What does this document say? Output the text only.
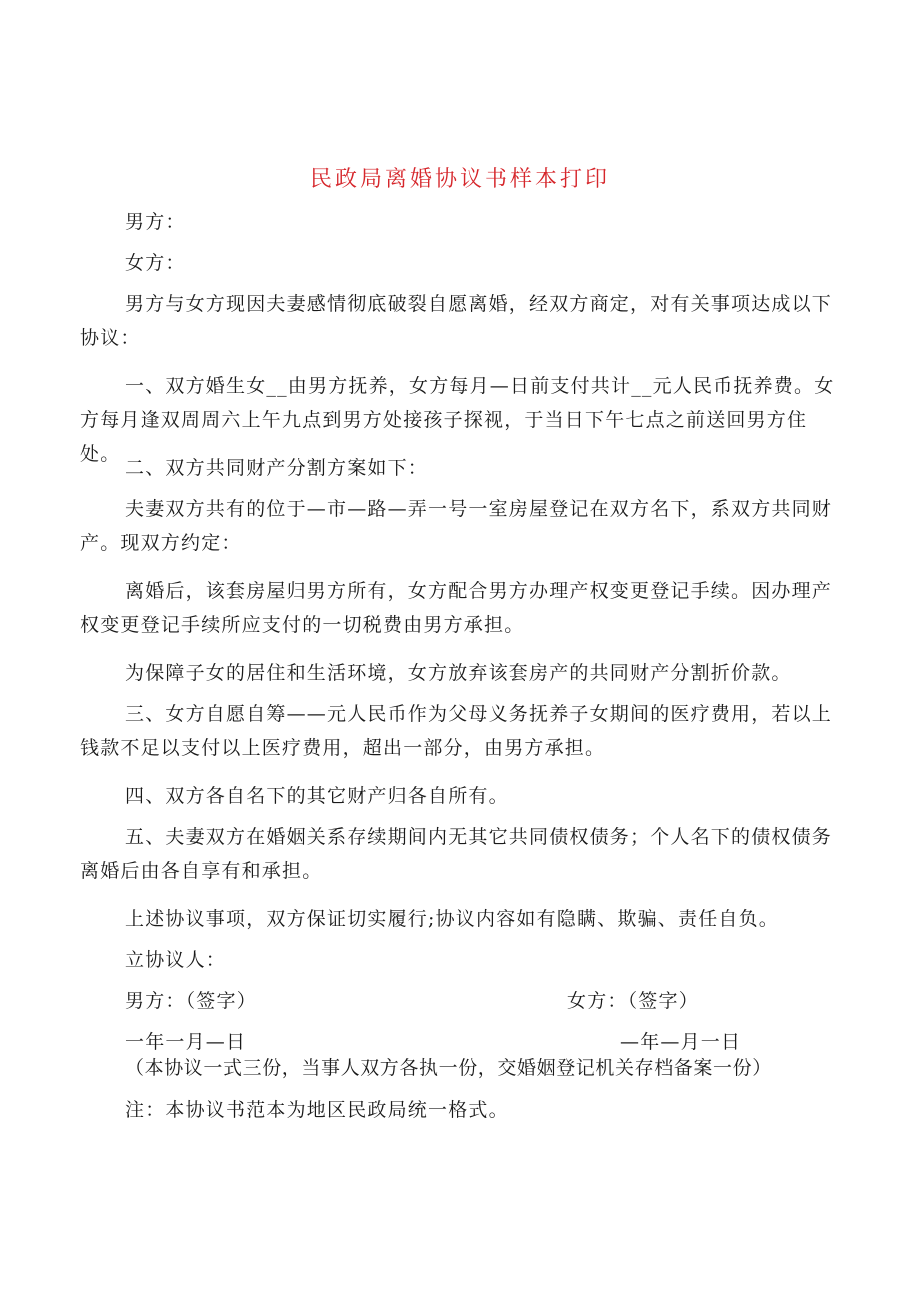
民政局离婚协议书样本打印

男方：

女方：

男方与女方现因夫妻感情彻底破裂自愿离婚，经双方商定，对有关事项达成以下协议：

一、双方婚生女__由男方抚养，女方每月—日前支付共计__元人民币抚养费。女方每月逢双周周六上午九点到男方处接孩子探视，于当日下午七点之前送回男方住处。

二、双方共同财产分割方案如下：

夫妻双方共有的位于—市—路—弄一号一室房屋登记在双方名下，系双方共同财产。现双方约定：

离婚后，该套房屋归男方所有，女方配合男方办理产权变更登记手续。因办理产权变更登记手续所应支付的一切税费由男方承担。

为保障子女的居住和生活环境，女方放弃该套房产的共同财产分割折价款。

三、女方自愿自筹——元人民币作为父母义务抚养子女期间的医疗费用，若以上钱款不足以支付以上医疗费用，超出一部分，由男方承担。

四、双方各自名下的其它财产归各自所有。

五、夫妻双方在婚姻关系存续期间内无其它共同债权债务；个人名下的债权债务离婚后由各自享有和承担。

上述协议事项，双方保证切实履行;协议内容如有隐瞒、欺骗、责任自负。

立协议人：

男方：（签字）	女方：（签字）
一年一月—日	—年—月一日
（本协议一式三份，当事人双方各执一份，交婚姻登记机关存档备案一份）
注：本协议书范本为地区民政局统一格式。
